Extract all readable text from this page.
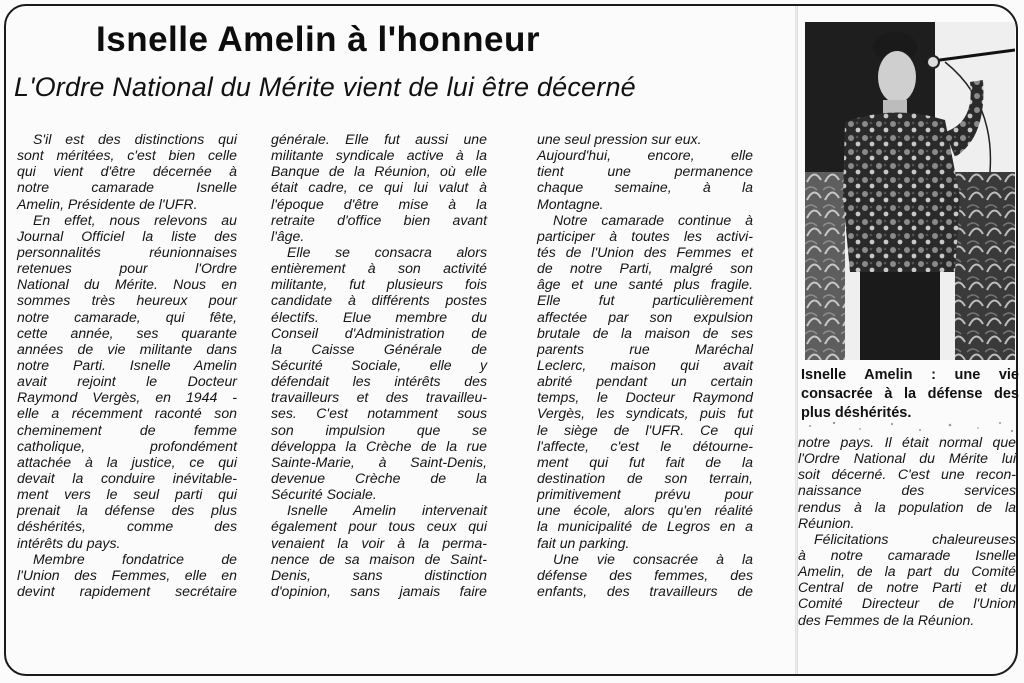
Isnelle Amelin à l'honneur
L'Ordre National du Mérite vient de lui être décerné
S'il est des distinctions qui
sont méritées, c'est bien celle
qui vient d'être décernée à
notre camarade Isnelle
Amelin, Présidente de l'UFR.
En effet, nous relevons au
Journal Officiel la liste des
personnalités réunionnaises
retenues pour l'Ordre
National du Mérite. Nous en
sommes très heureux pour
notre camarade, qui fête,
cette année, ses quarante
années de vie militante dans
notre Parti. Isnelle Amelin
avait rejoint le Docteur
Raymond Vergès, en 1944 -
elle a récemment raconté son
cheminement de femme
catholique, profondément
attachée à la justice, ce qui
devait la conduire inévitable-
ment vers le seul parti qui
prenait la défense des plus
déshérités, comme des
intérêts du pays.
Membre fondatrice de
l'Union des Femmes, elle en
devint rapidement secrétaire
générale. Elle fut aussi une
militante syndicale active à la
Banque de la Réunion, où elle
était cadre, ce qui lui valut à
l'époque d'être mise à la
retraite d'office bien avant
l'âge.
Elle se consacra alors
entièrement à son activité
militante, fut plusieurs fois
candidate à différents postes
électifs. Elue membre du
Conseil d'Administration de
la Caisse Générale de
Sécurité Sociale, elle y
défendait les intérêts des
travailleurs et des travailleu-
ses. C'est notamment sous
son impulsion que se
développa la Crèche de la rue
Sainte-Marie, à Saint-Denis,
devenue Crèche de la
Sécurité Sociale.
Isnelle Amelin intervenait
également pour tous ceux qui
venaient la voir à la perma-
nence de sa maison de Saint-
Denis, sans distinction
d'opinion, sans jamais faire
une seul pression sur eux.
Aujourd'hui, encore, elle
tient une permanence
chaque semaine, à la
Montagne.
Notre camarade continue à
participer à toutes les activi-
tés de l'Union des Femmes et
de notre Parti, malgré son
âge et une santé plus fragile.
Elle fut particulièrement
affectée par son expulsion
brutale de la maison de ses
parents rue Maréchal
Leclerc, maison qui avait
abrité pendant un certain
temps, le Docteur Raymond
Vergès, les syndicats, puis fut
le siège de l'UFR. Ce qui
l'affecte, c'est le détourne-
ment qui fut fait de la
destination de son terrain,
primitivement prévu pour
une école, alors qu'en réalité
la municipalité de Legros en a
fait un parking.
Une vie consacrée à la
défense des femmes, des
enfants, des travailleurs de
notre pays. Il était normal que
l'Ordre National du Mérite lui
soit décerné. C'est une recon-
naissance des services
rendus à la population de la
Réunion.
Félicitations chaleureuses
à notre camarade Isnelle
Amelin, de la part du Comité
Central de notre Parti et du
Comité Directeur de l'Union
des Femmes de la Réunion.
Isnelle Amelin : une vie
consacrée à la défense des
plus déshérités.
